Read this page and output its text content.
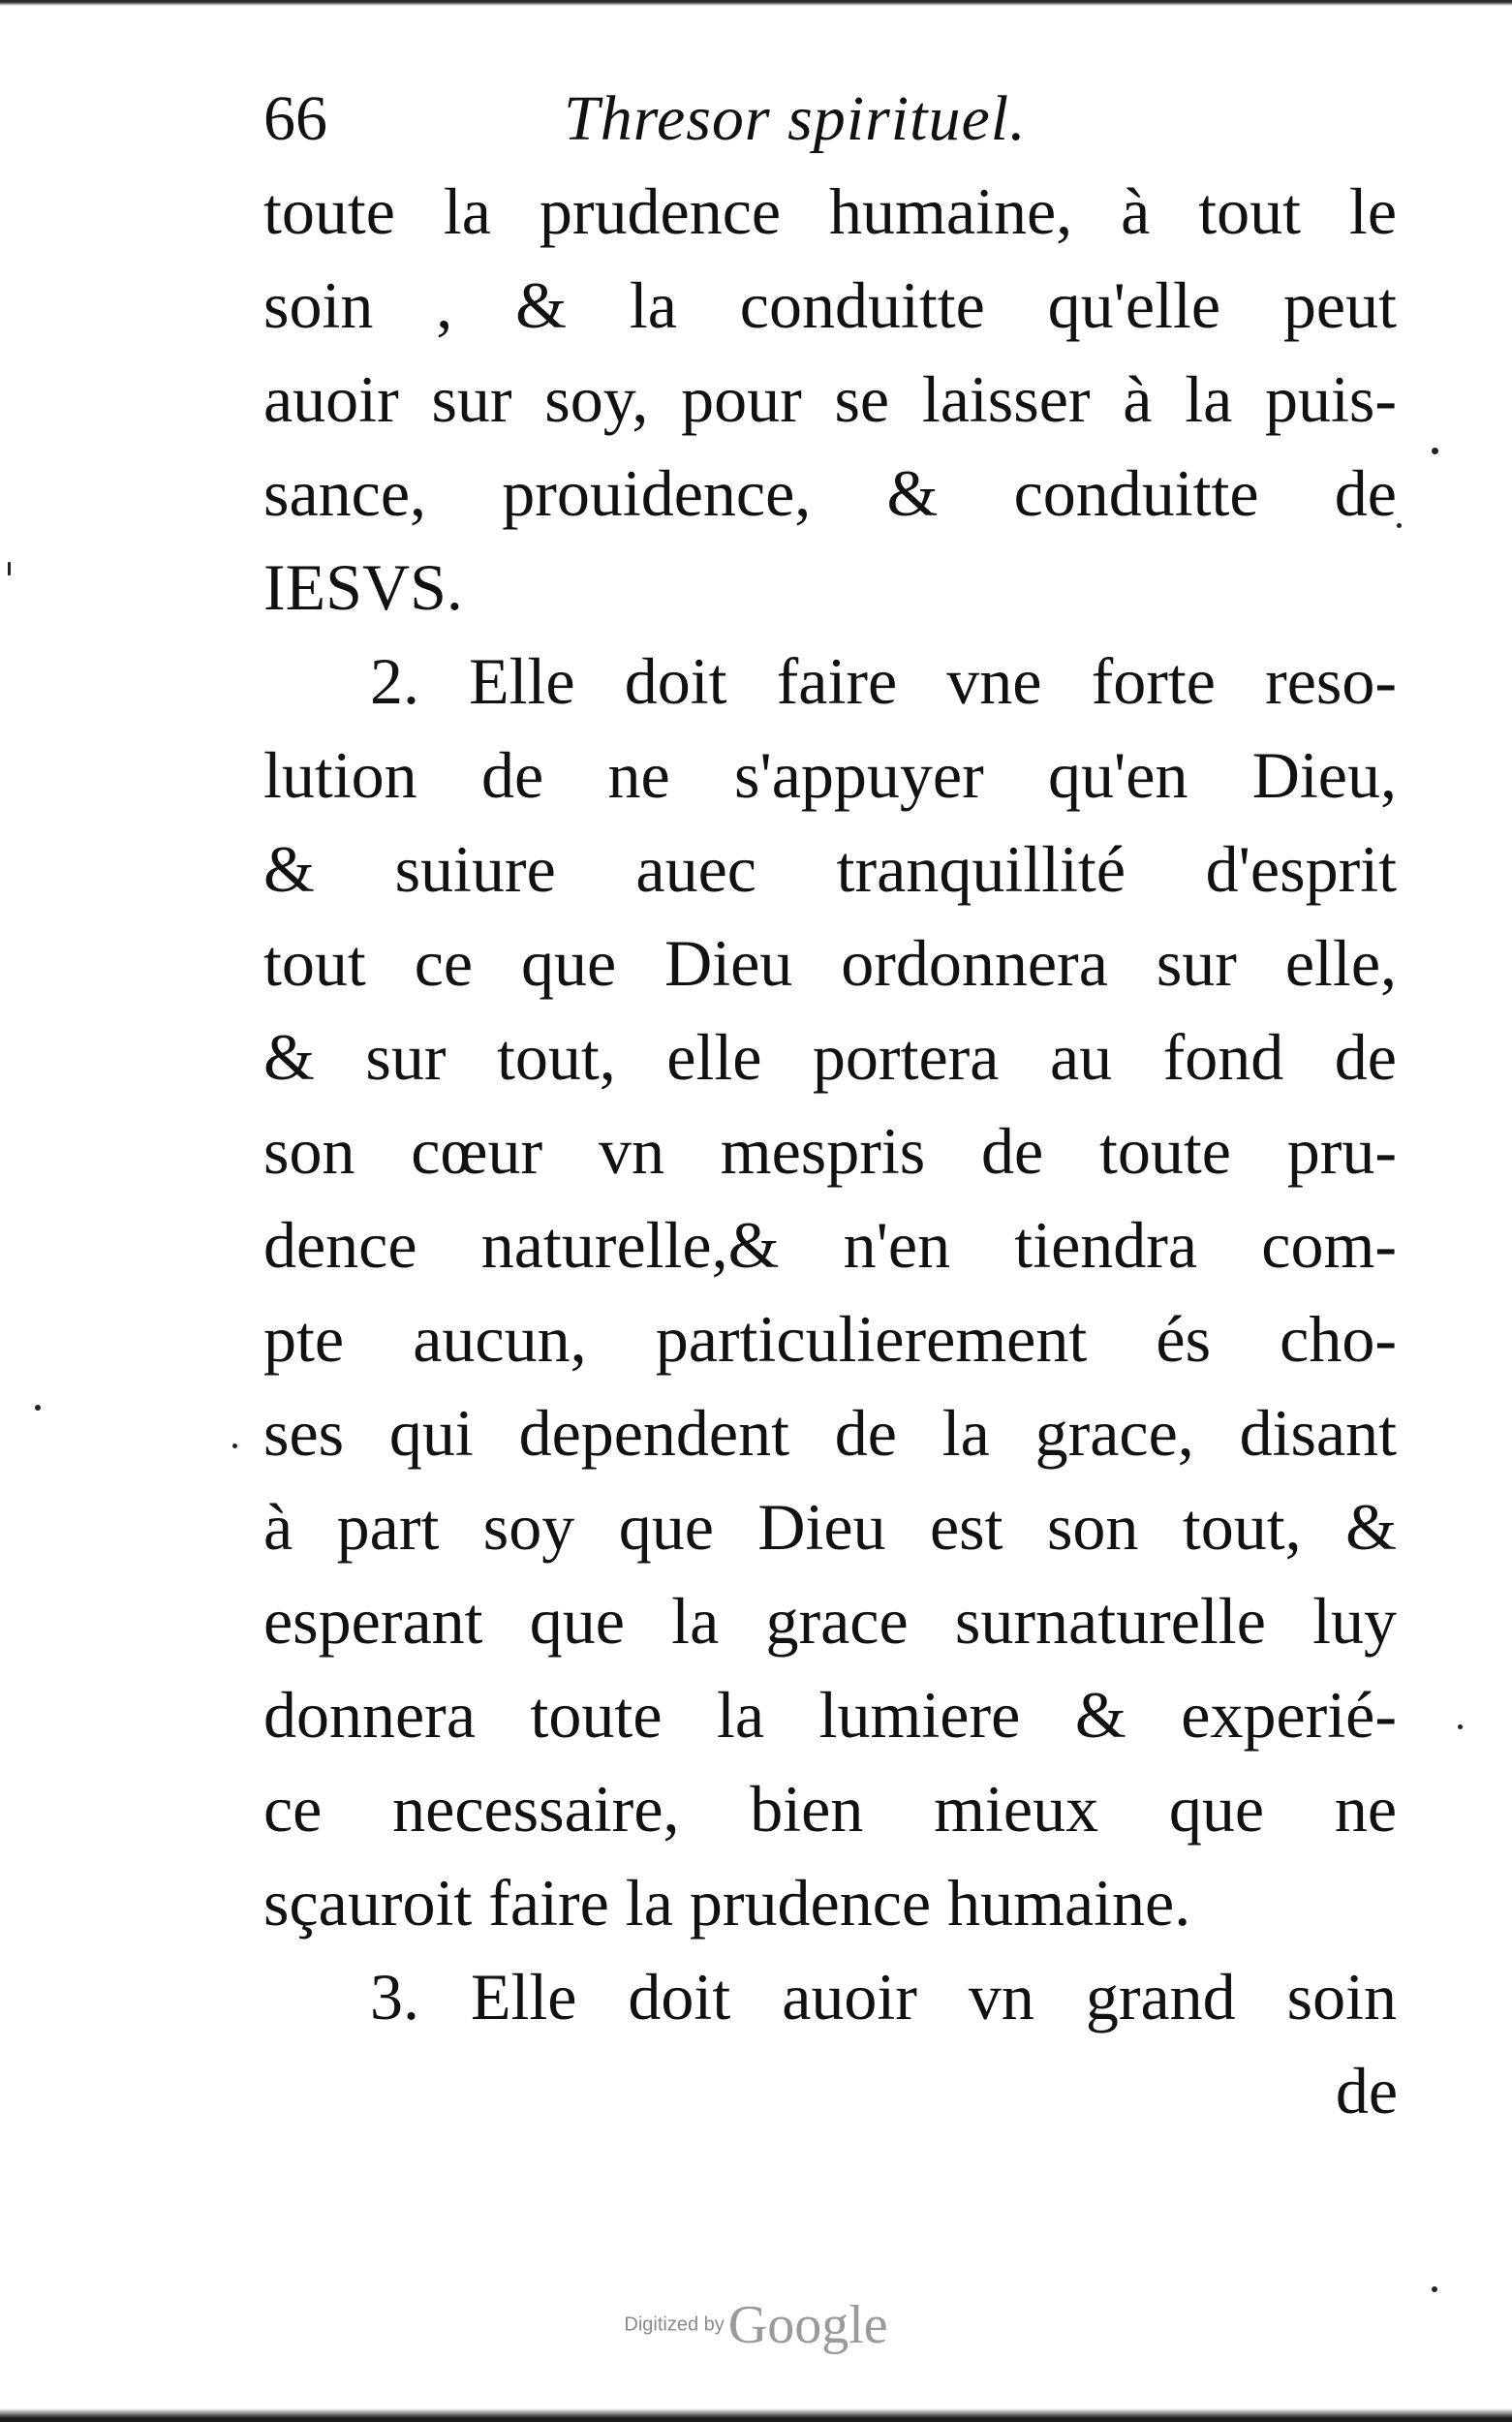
66	Thresor spirituel.
toute la prudence humaine, à tout le
soin , & la conduitte qu'elle peut
auoir sur soy, pour se laisser à la puis-
sance, prouidence, & conduitte de
IESVS.
2. Elle doit faire vne forte reso-
lution de ne s'appuyer qu'en Dieu,
& suiure auec tranquillité d'esprit
tout ce que Dieu ordonnera sur elle,
& sur tout, elle portera au fond de
son cœur vn mespris de toute pru-
dence naturelle,& n'en tiendra com-
pte aucun, particulierement és cho-
ses qui dependent de la grace, disant
à part soy que Dieu est son tout, &
esperant que la grace surnaturelle luy
donnera toute la lumiere & experié-
ce necessaire, bien mieux que ne
sçauroit faire la prudence humaine.
3. Elle doit auoir vn grand soin
de
Digitized by Google
